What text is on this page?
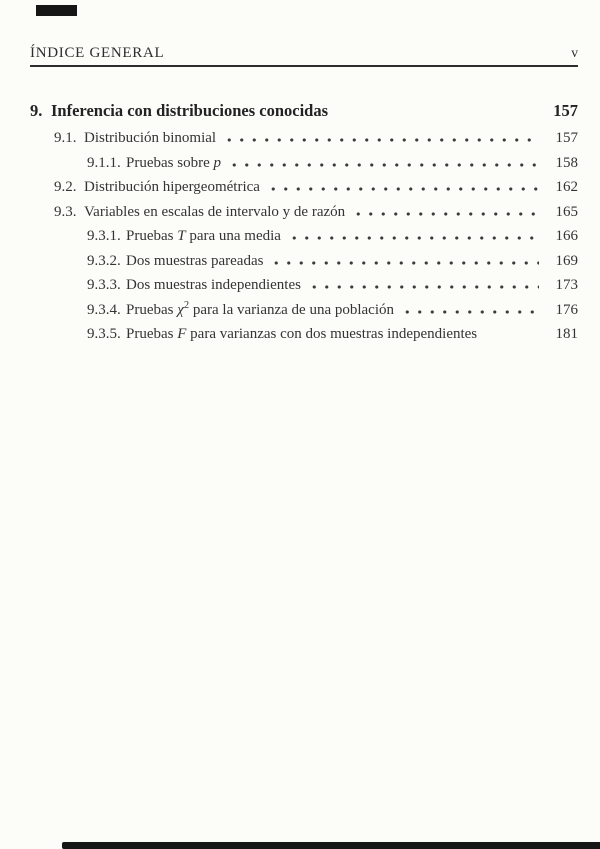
ÍNDICE GENERAL	v
9. Inferencia con distribuciones conocidas	157
9.1. Distribución binomial	157
9.1.1. Pruebas sobre p	158
9.2. Distribución hipergeométrica	162
9.3. Variables en escalas de intervalo y de razón	165
9.3.1. Pruebas T para una media	166
9.3.2. Dos muestras pareadas	169
9.3.3. Dos muestras independientes	173
9.3.4. Pruebas $\chi^2$ para la varianza de una población	176
9.3.5. Pruebas F para varianzas con dos muestras independientes	181
